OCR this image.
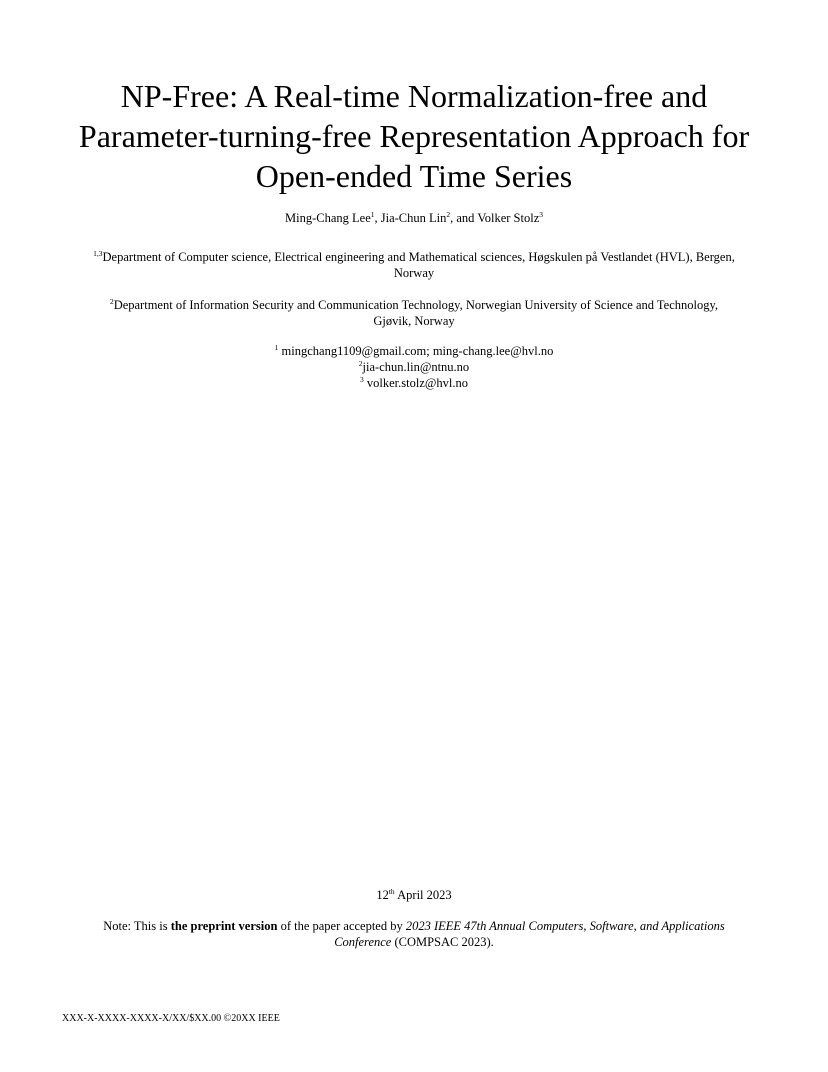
NP-Free: A Real-time Normalization-free and
Parameter-turning-free Representation Approach for
Open-ended Time Series
Ming-Chang Lee$^1$, Jia-Chun Lin$^2$, and Volker Stolz$^3$
$^{1,3}$Department of Computer science, Electrical engineering and Mathematical sciences, Høgskulen på Vestlandet (HVL), Bergen,
Norway
$^2$Department of Information Security and Communication Technology, Norwegian University of Science and Technology,
Gjøvik, Norway
$^1$ mingchang1109@gmail.com; ming-chang.lee@hvl.no
$^2$jia-chun.lin@ntnu.no
$^3$ volker.stolz@hvl.no
12th April 2023
Note: This is the preprint version of the paper accepted by 2023 IEEE 47th Annual Computers, Software, and Applications
Conference (COMPSAC 2023).
XXX-X-XXXX-XXXX-X/XX/$XX.00 ©20XX IEEE
